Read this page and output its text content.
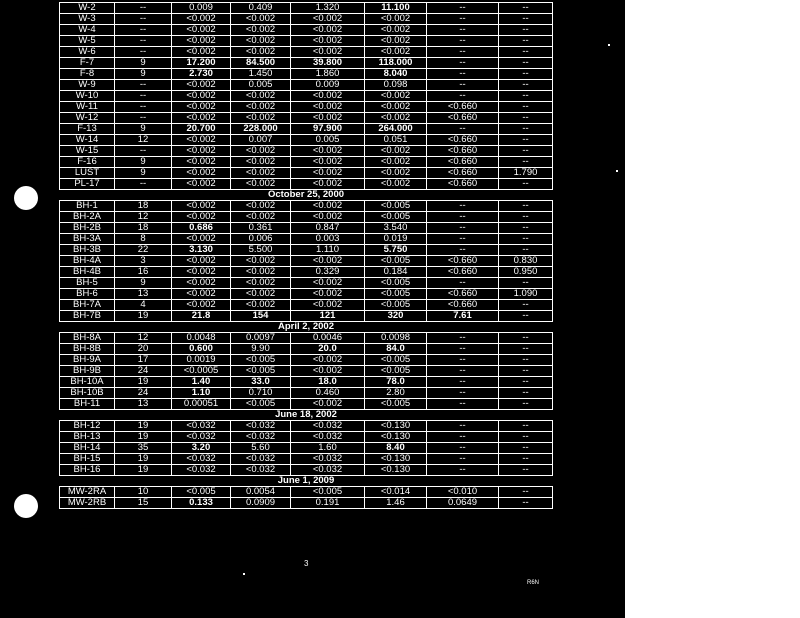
W-2	--	0.009	0.409	1.320	11.100	--	--
W-3	--	<0.002	<0.002	<0.002	<0.002	--	--
W-4	--	<0.002	<0.002	<0.002	<0.002	--	--
W-5	--	<0.002	<0.002	<0.002	<0.002	--	--
W-6	--	<0.002	<0.002	<0.002	<0.002	--	--
F-7	9	17.200	84.500	39.800	118.000	--	--
F-8	9	2.730	1.450	1.860	8.040	--	--
W-9	--	<0.002	0.005	0.009	0.098	--	--
W-10	--	<0.002	<0.002	<0.002	<0.002	--	--
W-11	--	<0.002	<0.002	<0.002	<0.002	<0.660	--
W-12	--	<0.002	<0.002	<0.002	<0.002	<0.660	--
F-13	9	20.700	228.000	97.900	264.000	--	--
W-14	12	<0.002	0.007	0.005	0.051	<0.660	--
W-15	--	<0.002	<0.002	<0.002	<0.002	<0.660	--
F-16	9	<0.002	<0.002	<0.002	<0.002	<0.660	--
LUST	9	<0.002	<0.002	<0.002	<0.002	<0.660	1.790
PL-17	--	<0.002	<0.002	<0.002	<0.002	<0.660	--
October 25, 2000							
BH-1	18	<0.002	<0.002	<0.002	<0.005	--	--
BH-2A	12	<0.002	<0.002	<0.002	<0.005	--	--
BH-2B	18	0.686	0.361	0.847	3.540	--	--
BH-3A	8	<0.002	0.006	0.003	0.019	--	--
BH-3B	22	3.130	5.500	1.110	5.750	--	--
BH-4A	3	<0.002	<0.002	<0.002	<0.005	<0.660	0.830
BH-4B	16	<0.002	<0.002	0.329	0.184	<0.660	0.950
BH-5	9	<0.002	<0.002	<0.002	<0.005	--	--
BH-6	13	<0.002	<0.002	<0.002	<0.005	<0.660	1.090
BH-7A	4	<0.002	<0.002	<0.002	<0.005	<0.660	--
BH-7B	19	21.8	154	121	320	7.61	--
April 2, 2002							
BH-8A	12	0.0048	0.0097	0.0046	0.0098	--	--
BH-8B	20	0.600	9.90	20.0	84.0	--	--
BH-9A	17	0.0019	<0.005	<0.002	<0.005	--	--
BH-9B	24	<0.0005	<0.005	<0.002	<0.005	--	--
BH-10A	19	1.40	33.0	18.0	78.0	--	--
BH-10B	24	1.10	0.710	0.460	2.80	--	--
BH-11	13	0.00051	<0.005	<0.002	<0.005	--	--
June 18, 2002							
BH-12	19	<0.032	<0.032	<0.032	<0.130	--	--
BH-13	19	<0.032	<0.032	<0.032	<0.130	--	--
BH-14	35	3.20	5.60	1.60	8.40	--	--
BH-15	19	<0.032	<0.032	<0.032	<0.130	--	--
BH-16	19	<0.032	<0.032	<0.032	<0.130	--	--
June 1, 2009							
MW-2RA	10	<0.005	0.0054	<0.005	<0.014	<0.010	--
MW-2RB	15	0.133	0.0909	0.191	1.46	0.0649	--
3
R6N
